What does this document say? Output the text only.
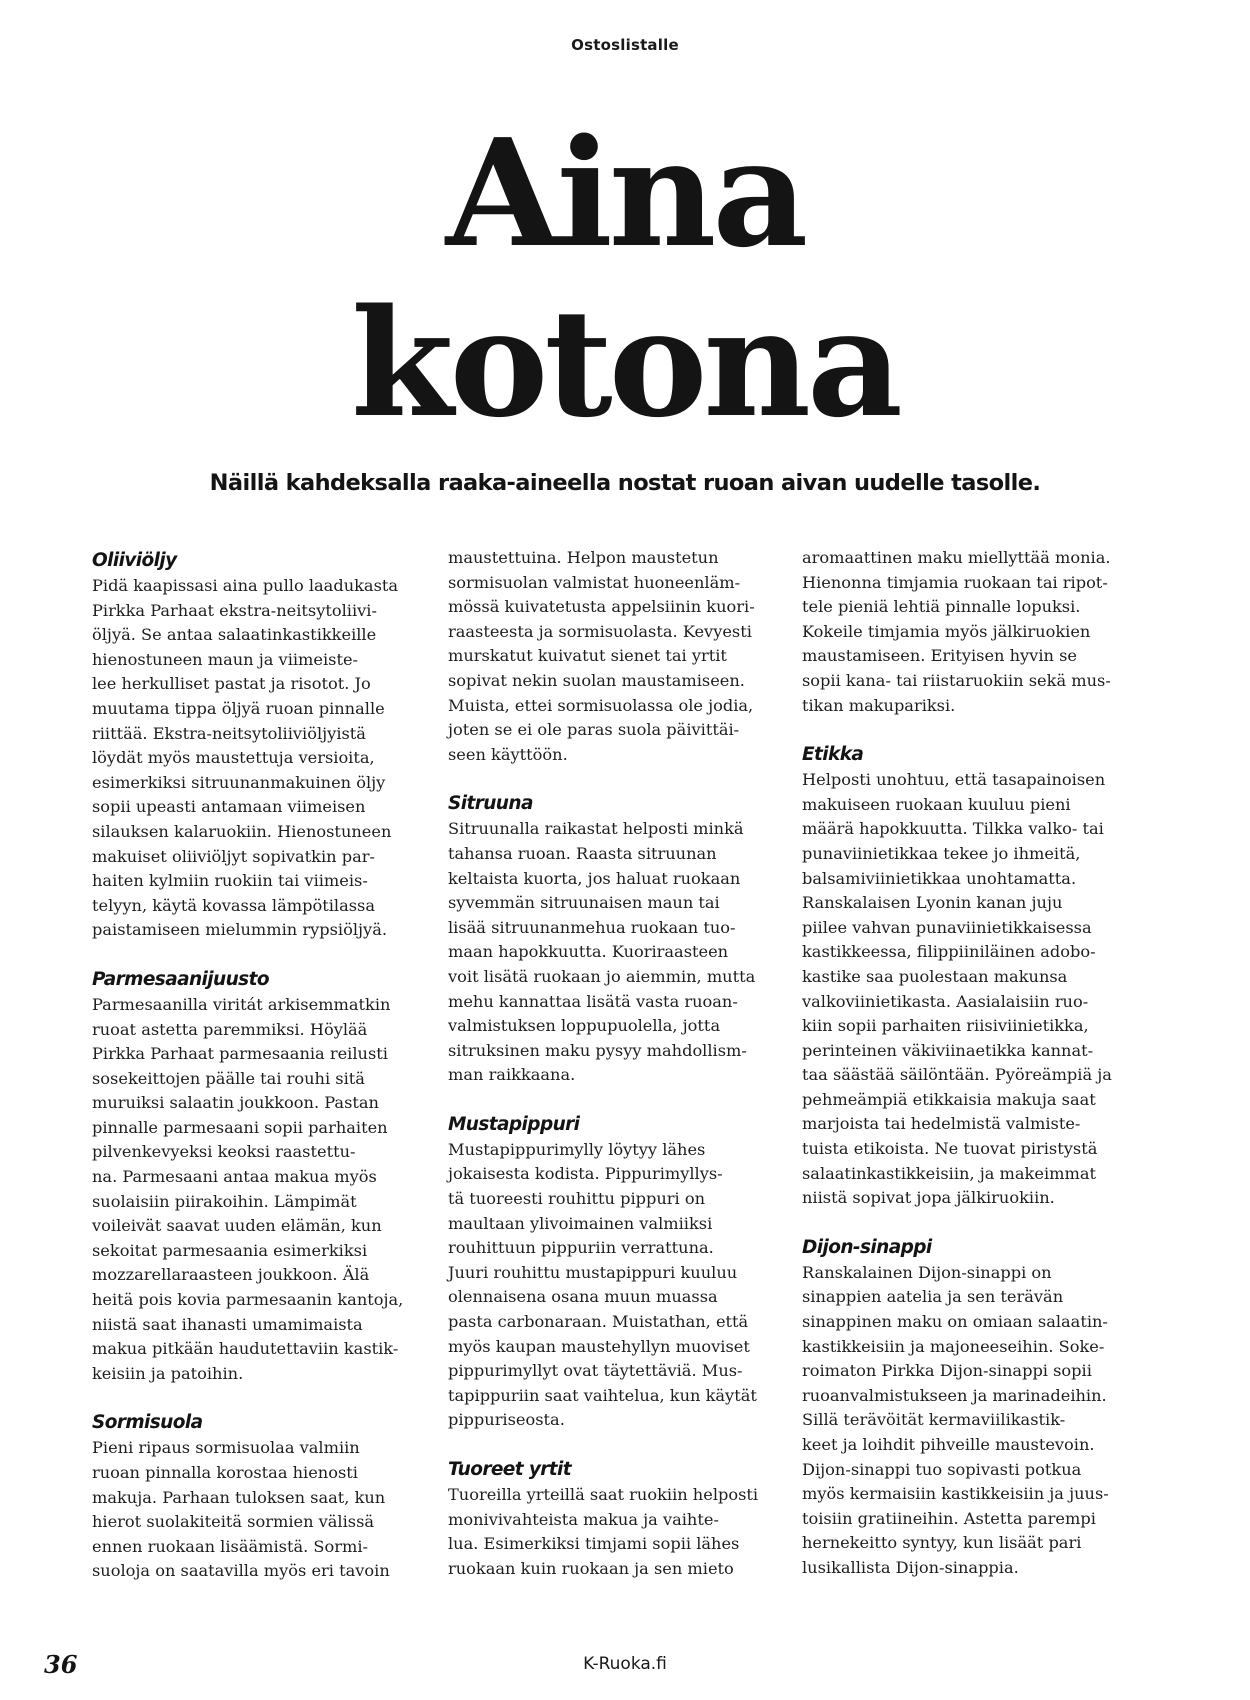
Ostoslistalle
Aina
kotona
Näillä kahdeksalla raaka-aineella nostat ruoan aivan uudelle tasolle.
Oliiviöljy
Pidä kaapissasi aina pullo laadukasta
Pirkka Parhaat ekstra-neitsytoliivi-
öljyä. Se antaa salaatinkastikkeille
hienostuneen maun ja viimeiste-
lee herkulliset pastat ja risotot. Jo
muutama tippa öljyä ruoan pinnalle
riittää. Ekstra-neitsytoliiviöljyistä
löydät myös maustettuja versioita,
esimerkiksi sitruunanmakuinen öljy
sopii upeasti antamaan viimeisen
silauksen kalaruokiin. Hienostuneen
makuiset oliiviöljyt sopivatkin par-
haiten kylmiin ruokiin tai viimeis-
telyyn, käytä kovassa lämpötilassa
paistamiseen mielummin rypsiöljyä.
Parmesaanijuusto
Parmesaanilla viritát arkisemmatkin
ruoat astetta paremmiksi. Höylää
Pirkka Parhaat parmesaania reilusti
sosekeittojen päälle tai rouhi sitä
muruiksi salaatin joukkoon. Pastan
pinnalle parmesaani sopii parhaiten
pilvenkevyeksi keoksi raastettu-
na. Parmesaani antaa makua myös
suolaisiin piirakoihin. Lämpimät
voileivät saavat uuden elämän, kun
sekoitat parmesaania esimerkiksi
mozzarellaraasteen joukkoon. Älä
heitä pois kovia parmesaanin kantoja,
niistä saat ihanasti umamimaista
makua pitkään haudutettaviin kastik-
keisiin ja patoihin.
Sormisuola
Pieni ripaus sormisuolaa valmiin
ruoan pinnalla korostaa hienosti
makuja. Parhaan tuloksen saat, kun
hierot suolakiteitä sormien välissä
ennen ruokaan lisäämistä. Sormi-
suoloja on saatavilla myös eri tavoin
maustettuina. Helpon maustetun
sormisuolan valmistat huoneenläm-
mössä kuivatetusta appelsiinin kuori-
raasteesta ja sormisuolasta. Kevyesti
murskatut kuivatut sienet tai yrtit
sopivat nekin suolan maustamiseen.
Muista, ettei sormisuolassa ole jodia,
joten se ei ole paras suola päivittäi-
seen käyttöön.
Sitruuna
Sitruunalla raikastat helposti minkä
tahansa ruoan. Raasta sitruunan
keltaista kuorta, jos haluat ruokaan
syvemmän sitruunaisen maun tai
lisää sitruunanmehua ruokaan tuo-
maan hapokkuutta. Kuoriraasteen
voit lisätä ruokaan jo aiemmin, mutta
mehu kannattaa lisätä vasta ruoan-
valmistuksen loppupuolella, jotta
sitruksinen maku pysyy mahdollism-
man raikkaana.
Mustapippuri
Mustapippurimylly löytyy lähes
jokaisesta kodista. Pippurimyllys-
tä tuoreesti rouhittu pippuri on
maultaan ylivoimainen valmiiksi
rouhittuun pippuriin verrattuna.
Juuri rouhittu mustapippuri kuuluu
olennaisena osana muun muassa
pasta carbonaraan. Muistathan, että
myös kaupan maustehyllyn muoviset
pippurimyllyt ovat täytettäviä. Mus-
tapippuriin saat vaihtelua, kun käytät
pippuriseosta.
Tuoreet yrtit
Tuoreilla yrteillä saat ruokiin helposti
monivivahteista makua ja vaihte-
lua. Esimerkiksi timjami sopii lähes
ruokaan kuin ruokaan ja sen mieto
aromaattinen maku miellyttää monia.
Hienonna timjamia ruokaan tai ripot-
tele pieniä lehtiä pinnalle lopuksi.
Kokeile timjamia myös jälkiruokien
maustamiseen. Erityisen hyvin se
sopii kana- tai riistaruokiin sekä mus-
tikan makupariksi.
Etikka
Helposti unohtuu, että tasapainoisen
makuiseen ruokaan kuuluu pieni
määrä hapokkuutta. Tilkka valko- tai
punaviinietikkaa tekee jo ihmeitä,
balsamiviinietikkaa unohtamatta.
Ranskalaisen Lyonin kanan juju
piilee vahvan punaviinietikkaisessa
kastikkeessa, filippiiniläinen adobo-
kastike saa puolestaan makunsa
valkoviinietikasta. Aasialaisiin ruo-
kiin sopii parhaiten riisiviinietikka,
perinteinen väkiviinaetikka kannat-
taa säästää säilöntään. Pyöreämpiä ja
pehmeämpiä etikkaisia makuja saat
marjoista tai hedelmistä valmiste-
tuista etikoista. Ne tuovat piristystä
salaatinkastikkeisiin, ja makeimmat
niistä sopivat jopa jälkiruokiin.
Dijon-sinappi
Ranskalainen Dijon-sinappi on
sinappien aatelia ja sen terävän
sinappinen maku on omiaan salaatin-
kastikkeisiin ja majoneeseihin. Soke-
roimaton Pirkka Dijon-sinappi sopii
ruoanvalmistukseen ja marinadeihin.
Sillä terävöität kermaviilikastik-
keet ja loihdit pihveille maustevoin.
Dijon-sinappi tuo sopivasti potkua
myös kermaisiin kastikkeisiin ja juus-
toisiin gratiineihin. Astetta parempi
hernekeitto syntyy, kun lisäät pari
lusikallista Dijon-sinappia.
36	K-Ruoka.fi
